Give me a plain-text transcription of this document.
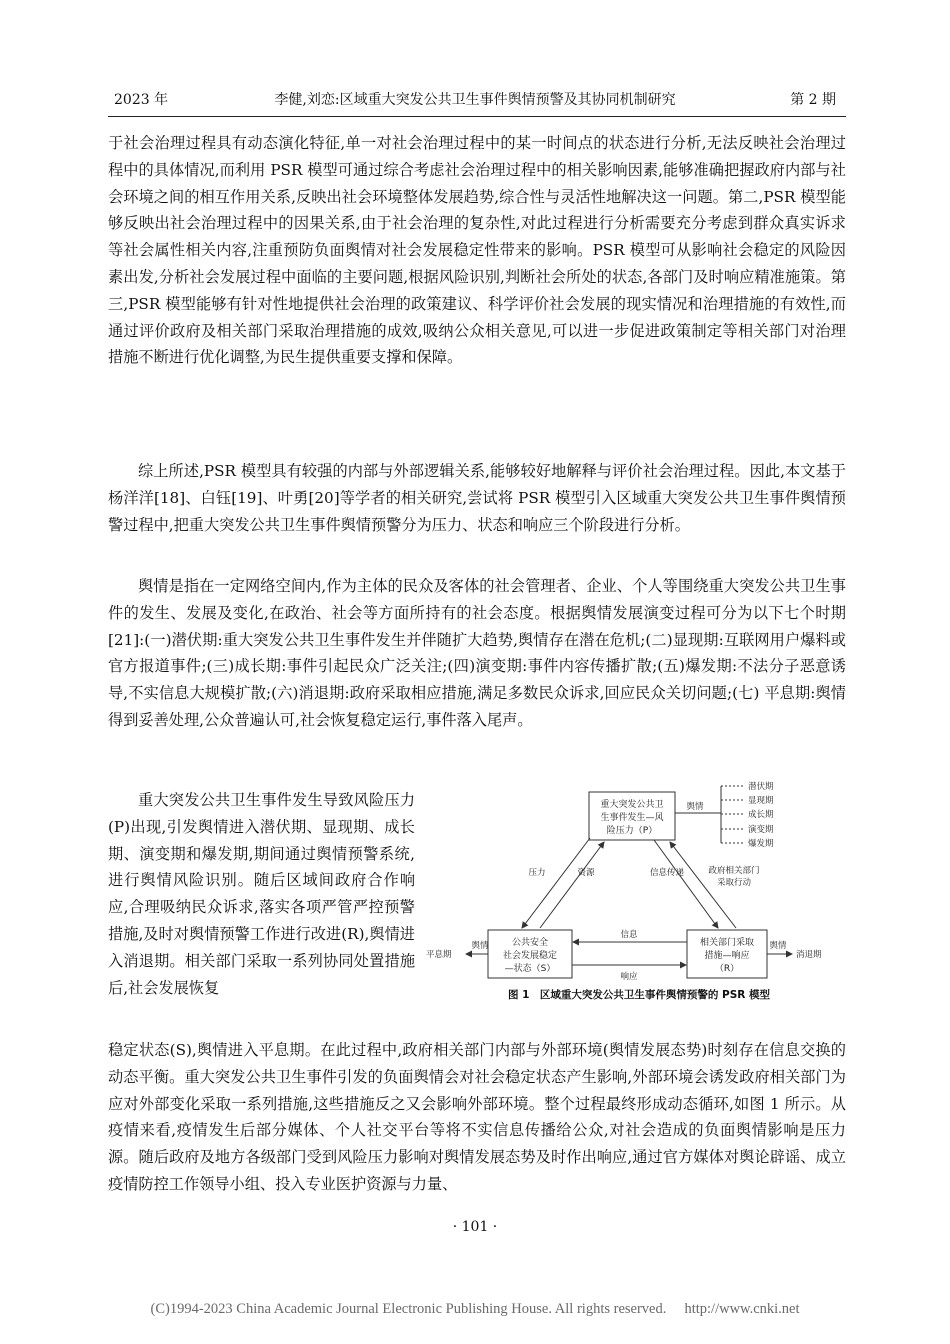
2023 年	李健,刘恋:区域重大突发公共卫生事件舆情预警及其协同机制研究	第 2 期

于社会治理过程具有动态演化特征,单一对社会治理过程中的某一时间点的状态进行分析,无法反映社会治理过程中的具体情况,而利用 PSR 模型可通过综合考虑社会治理过程中的相关影响因素,能够准确把握政府内部与社会环境之间的相互作用关系,反映出社会环境整体发展趋势,综合性与灵活性地解决这一问题。第二,PSR 模型能够反映出社会治理过程中的因果关系,由于社会治理的复杂性,对此过程进行分析需要充分考虑到群众真实诉求等社会属性相关内容,注重预防负面舆情对社会发展稳定性带来的影响。PSR 模型可从影响社会稳定的风险因素出发,分析社会发展过程中面临的主要问题,根据风险识别,判断社会所处的状态,各部门及时响应精准施策。第三,PSR 模型能够有针对性地提供社会治理的政策建议、科学评价社会发展的现实情况和治理措施的有效性,而通过评价政府及相关部门采取治理措施的成效,吸纳公众相关意见,可以进一步促进政策制定等相关部门对治理措施不断进行优化调整,为民生提供重要支撑和保障。

综上所述,PSR 模型具有较强的内部与外部逻辑关系,能够较好地解释与评价社会治理过程。因此,本文基于杨洋洋[18]、白钰[19]、叶勇[20]等学者的相关研究,尝试将 PSR 模型引入区域重大突发公共卫生事件舆情预警过程中,把重大突发公共卫生事件舆情预警分为压力、状态和响应三个阶段进行分析。

舆情是指在一定网络空间内,作为主体的民众及客体的社会管理者、企业、个人等围绕重大突发公共卫生事件的发生、发展及变化,在政治、社会等方面所持有的社会态度。根据舆情发展演变过程可分为以下七个时期[21]:(一)潜伏期:重大突发公共卫生事件发生并伴随扩大趋势,舆情存在潜在危机;(二)显现期:互联网用户爆料或官方报道事件;(三)成长期:事件引起民众广泛关注;(四)演变期:事件内容传播扩散;(五)爆发期:不法分子恶意诱导,不实信息大规模扩散;(六)消退期:政府采取相应措施,满足多数民众诉求,回应民众关切问题;(七) 平息期:舆情得到妥善处理,公众普遍认可,社会恢复稳定运行,事件落入尾声。

重大突发公共卫生事件发生导致风险压力(P)出现,引发舆情进入潜伏期、显现期、成长期、演变期和爆发期,期间通过舆情预警系统,进行舆情风险识别。随后区域间政府合作响应,合理吸纳民众诉求,落实各项严管严控预警措施,及时对舆情预警工作进行改进(R),舆情进入消退期。相关部门采取一系列协同处置措施后,社会发展恢复

重大突发公共卫
生事件发生—风
险压力（P）
公共安全
社会发展稳定
—状态（S）
相关部门采取
措施—响应
（R）
舆情
潜伏期
显现期
成长期
演变期
爆发期
压力	资源	信息传递	政府相关部门
采取行动
信息
响应
舆情
平息期
舆情
消退期
图 1　区域重大突发公共卫生事件舆情预警的 PSR 模型

稳定状态(S),舆情进入平息期。在此过程中,政府相关部门内部与外部环境(舆情发展态势)时刻存在信息交换的动态平衡。重大突发公共卫生事件引发的负面舆情会对社会稳定状态产生影响,外部环境会诱发政府相关部门为应对外部变化采取一系列措施,这些措施反之又会影响外部环境。整个过程最终形成动态循环,如图 1 所示。从疫情来看,疫情发生后部分媒体、个人社交平台等将不实信息传播给公众,对社会造成的负面舆情影响是压力源。随后政府及地方各级部门受到风险压力影响对舆情发展态势及时作出响应,通过官方媒体对舆论辟谣、成立疫情防控工作领导小组、投入专业医护资源与力量、

· 101 ·
(C)1994-2023 China Academic Journal Electronic Publishing House. All rights reserved.　 http://www.cnki.net
